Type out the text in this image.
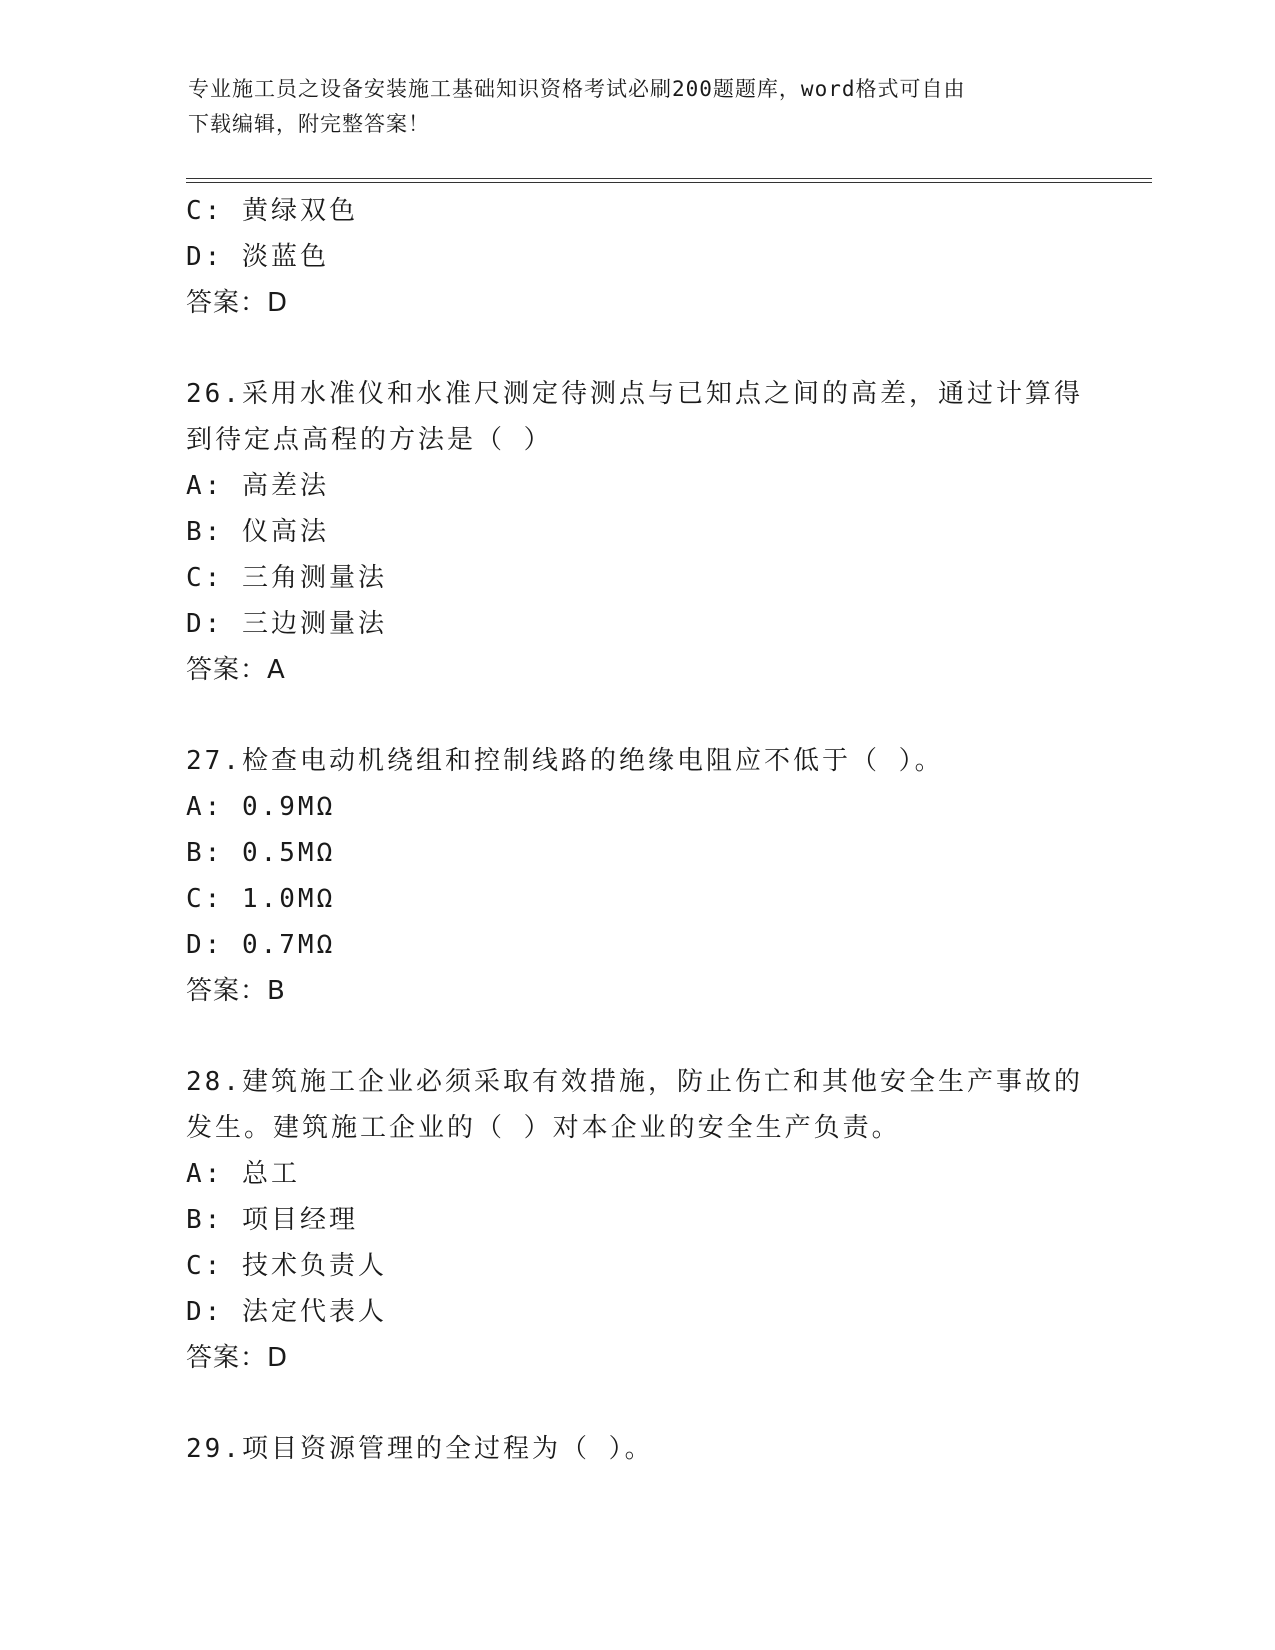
专业施工员之设备安装施工基础知识资格考试必刷200题题库，word格式可自由
下载编辑，附完整答案！
C: 黄绿双色
D: 淡蓝色
答案：D
26.采用水准仪和水准尺测定待测点与已知点之间的高差，通过计算得
到待定点高程的方法是（ ）
A: 高差法
B: 仪高法
C: 三角测量法
D: 三边测量法
答案：A
27.检查电动机绕组和控制线路的绝缘电阻应不低于（ ）。
A: 0.9MΩ
B: 0.5MΩ
C: 1.0MΩ
D: 0.7MΩ
答案：B
28.建筑施工企业必须采取有效措施，防止伤亡和其他安全生产事故的
发生。建筑施工企业的（ ）对本企业的安全生产负责。
A: 总工
B: 项目经理
C: 技术负责人
D: 法定代表人
答案：D
29.项目资源管理的全过程为（ ）。
